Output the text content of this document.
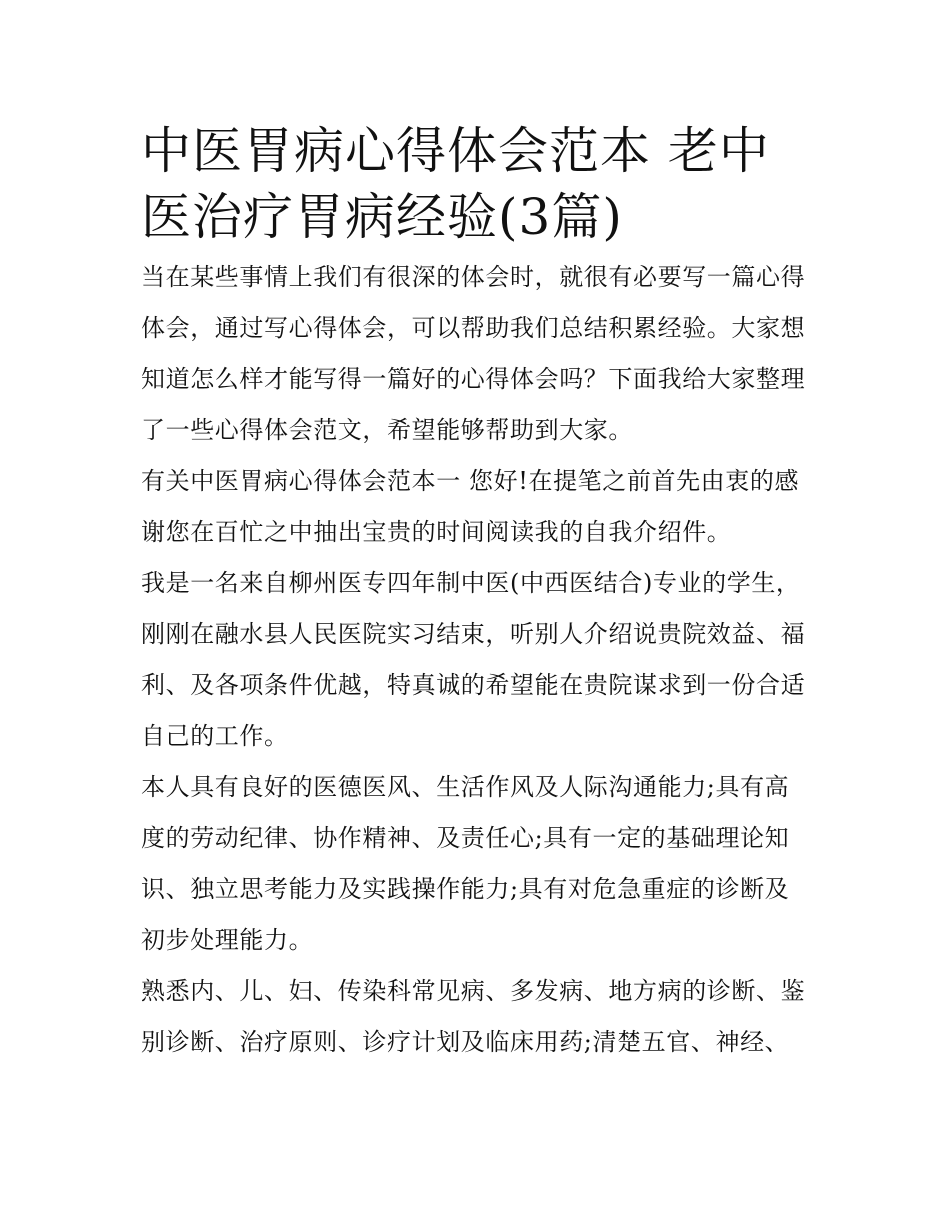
中医胃病心得体会范本 老中医治疗胃病经验(3篇)

当在某些事情上我们有很深的体会时，就很有必要写一篇心得体会，通过写心得体会，可以帮助我们总结积累经验。大家想知道怎么样才能写得一篇好的心得体会吗？下面我给大家整理了一些心得体会范文，希望能够帮助到大家。

有关中医胃病心得体会范本一 您好!在提笔之前首先由衷的感谢您在百忙之中抽出宝贵的时间阅读我的自我介绍件。

我是一名来自柳州医专四年制中医(中西医结合)专业的学生，刚刚在融水县人民医院实习结束，听别人介绍说贵院效益、福利、及各项条件优越，特真诚的希望能在贵院谋求到一份合适自己的工作。

本人具有良好的医德医风、生活作风及人际沟通能力;具有高度的劳动纪律、协作精神、及责任心;具有一定的基础理论知识、独立思考能力及实践操作能力;具有对危急重症的诊断及初步处理能力。

熟悉内、儿、妇、传染科常见病、多发病、地方病的诊断、鉴别诊断、治疗原则、诊疗计划及临床用药;清楚五官、神经、
